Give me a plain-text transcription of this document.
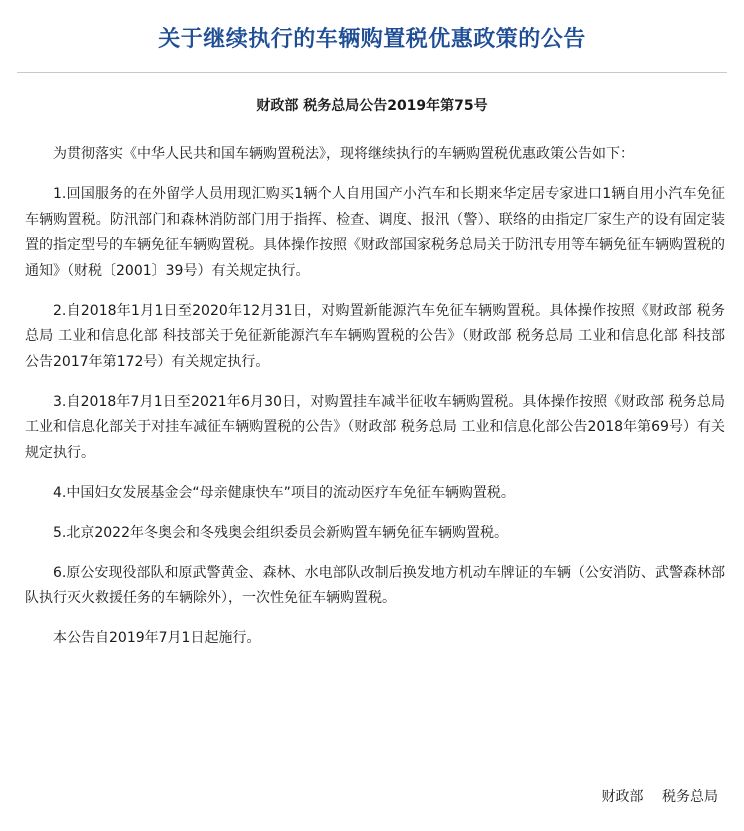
关于继续执行的车辆购置税优惠政策的公告
财政部 税务总局公告2019年第75号

为贯彻落实《中华人民共和国车辆购置税法》，现将继续执行的车辆购置税优惠政策公告如下：

1.回国服务的在外留学人员用现汇购买1辆个人自用国产小汽车和长期来华定居专家进口1辆自用小汽车免征车辆购置税。防汛部门和森林消防部门用于指挥、检查、调度、报汛（警）、联络的由指定厂家生产的设有固定装置的指定型号的车辆免征车辆购置税。具体操作按照《财政部国家税务总局关于防汛专用等车辆免征车辆购置税的通知》（财税〔2001〕39号）有关规定执行。

2.自2018年1月1日至2020年12月31日，对购置新能源汽车免征车辆购置税。具体操作按照《财政部 税务总局 工业和信息化部 科技部关于免征新能源汽车车辆购置税的公告》（财政部 税务总局 工业和信息化部 科技部公告2017年第172号）有关规定执行。

3.自2018年7月1日至2021年6月30日，对购置挂车减半征收车辆购置税。具体操作按照《财政部 税务总局 工业和信息化部关于对挂车减征车辆购置税的公告》（财政部 税务总局 工业和信息化部公告2018年第69号）有关规定执行。

4.中国妇女发展基金会“母亲健康快车”项目的流动医疗车免征车辆购置税。

5.北京2022年冬奥会和冬残奥会组织委员会新购置车辆免征车辆购置税。

6.原公安现役部队和原武警黄金、森林、水电部队改制后换发地方机动车牌证的车辆（公安消防、武警森林部队执行灭火救援任务的车辆除外），一次性免征车辆购置税。

本公告自2019年7月1日起施行。

财政部 税务总局
